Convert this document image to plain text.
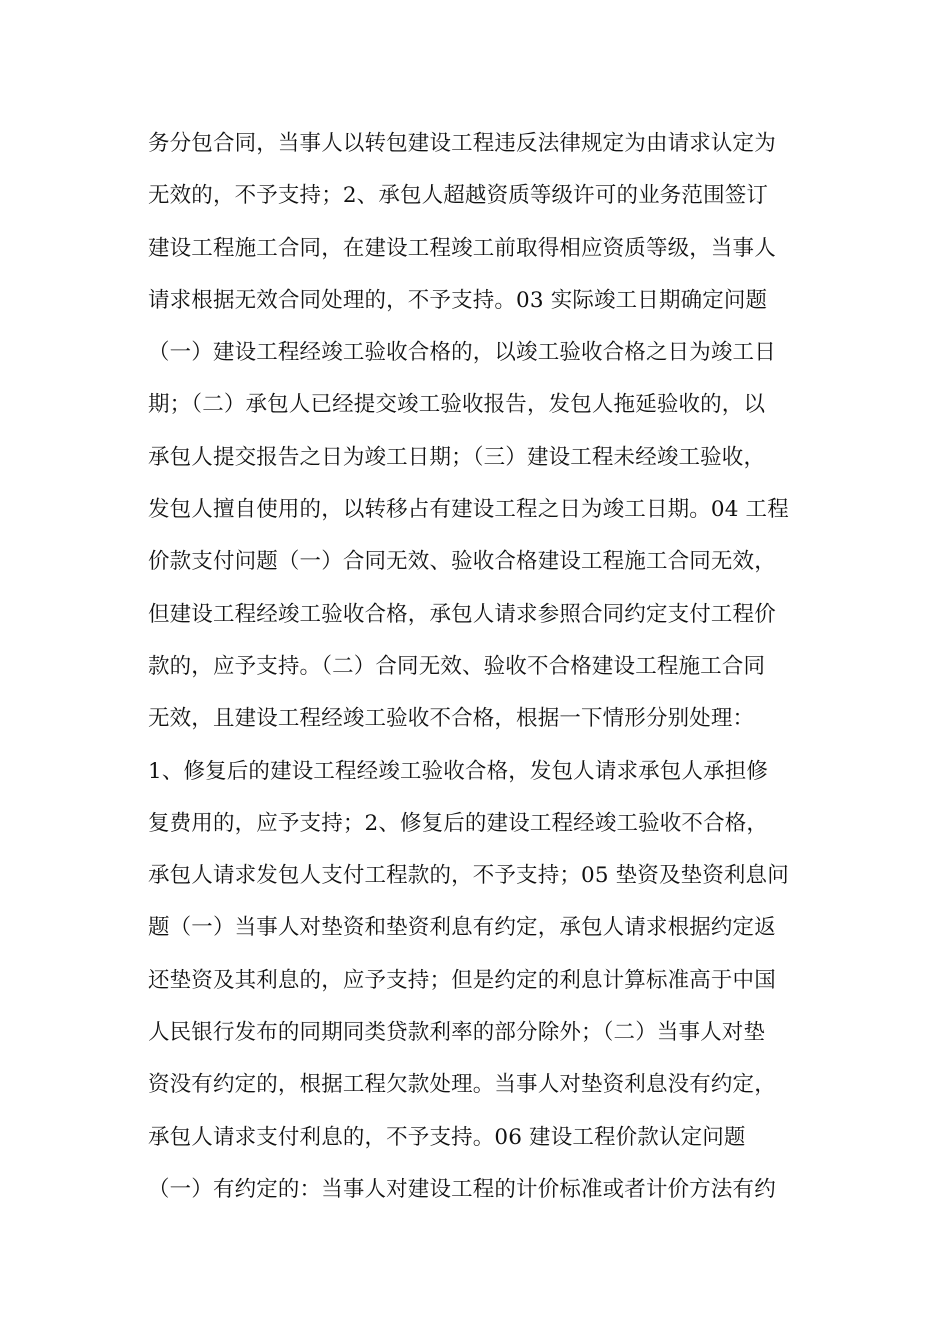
务分包合同，当事人以转包建设工程违反法律规定为由请求认定为
无效的，不予支持；2、承包人超越资质等级许可的业务范围签订
建设工程施工合同，在建设工程竣工前取得相应资质等级，当事人
请求根据无效合同处理的，不予支持。03 实际竣工日期确定问题
（一）建设工程经竣工验收合格的，以竣工验收合格之日为竣工日
期；（二）承包人已经提交竣工验收报告，发包人拖延验收的，以
承包人提交报告之日为竣工日期；（三）建设工程未经竣工验收，
发包人擅自使用的，以转移占有建设工程之日为竣工日期。04 工程
价款支付问题（一）合同无效、验收合格建设工程施工合同无效，
但建设工程经竣工验收合格，承包人请求参照合同约定支付工程价
款的，应予支持。（二）合同无效、验收不合格建设工程施工合同
无效，且建设工程经竣工验收不合格，根据一下情形分别处理：
1、修复后的建设工程经竣工验收合格，发包人请求承包人承担修
复费用的，应予支持；2、修复后的建设工程经竣工验收不合格，
承包人请求发包人支付工程款的，不予支持；05 垫资及垫资利息问
题（一）当事人对垫资和垫资利息有约定，承包人请求根据约定返
还垫资及其利息的，应予支持；但是约定的利息计算标准高于中国
人民银行发布的同期同类贷款利率的部分除外；（二）当事人对垫
资没有约定的，根据工程欠款处理。当事人对垫资利息没有约定，
承包人请求支付利息的，不予支持。06 建设工程价款认定问题
（一）有约定的：当事人对建设工程的计价标准或者计价方法有约
